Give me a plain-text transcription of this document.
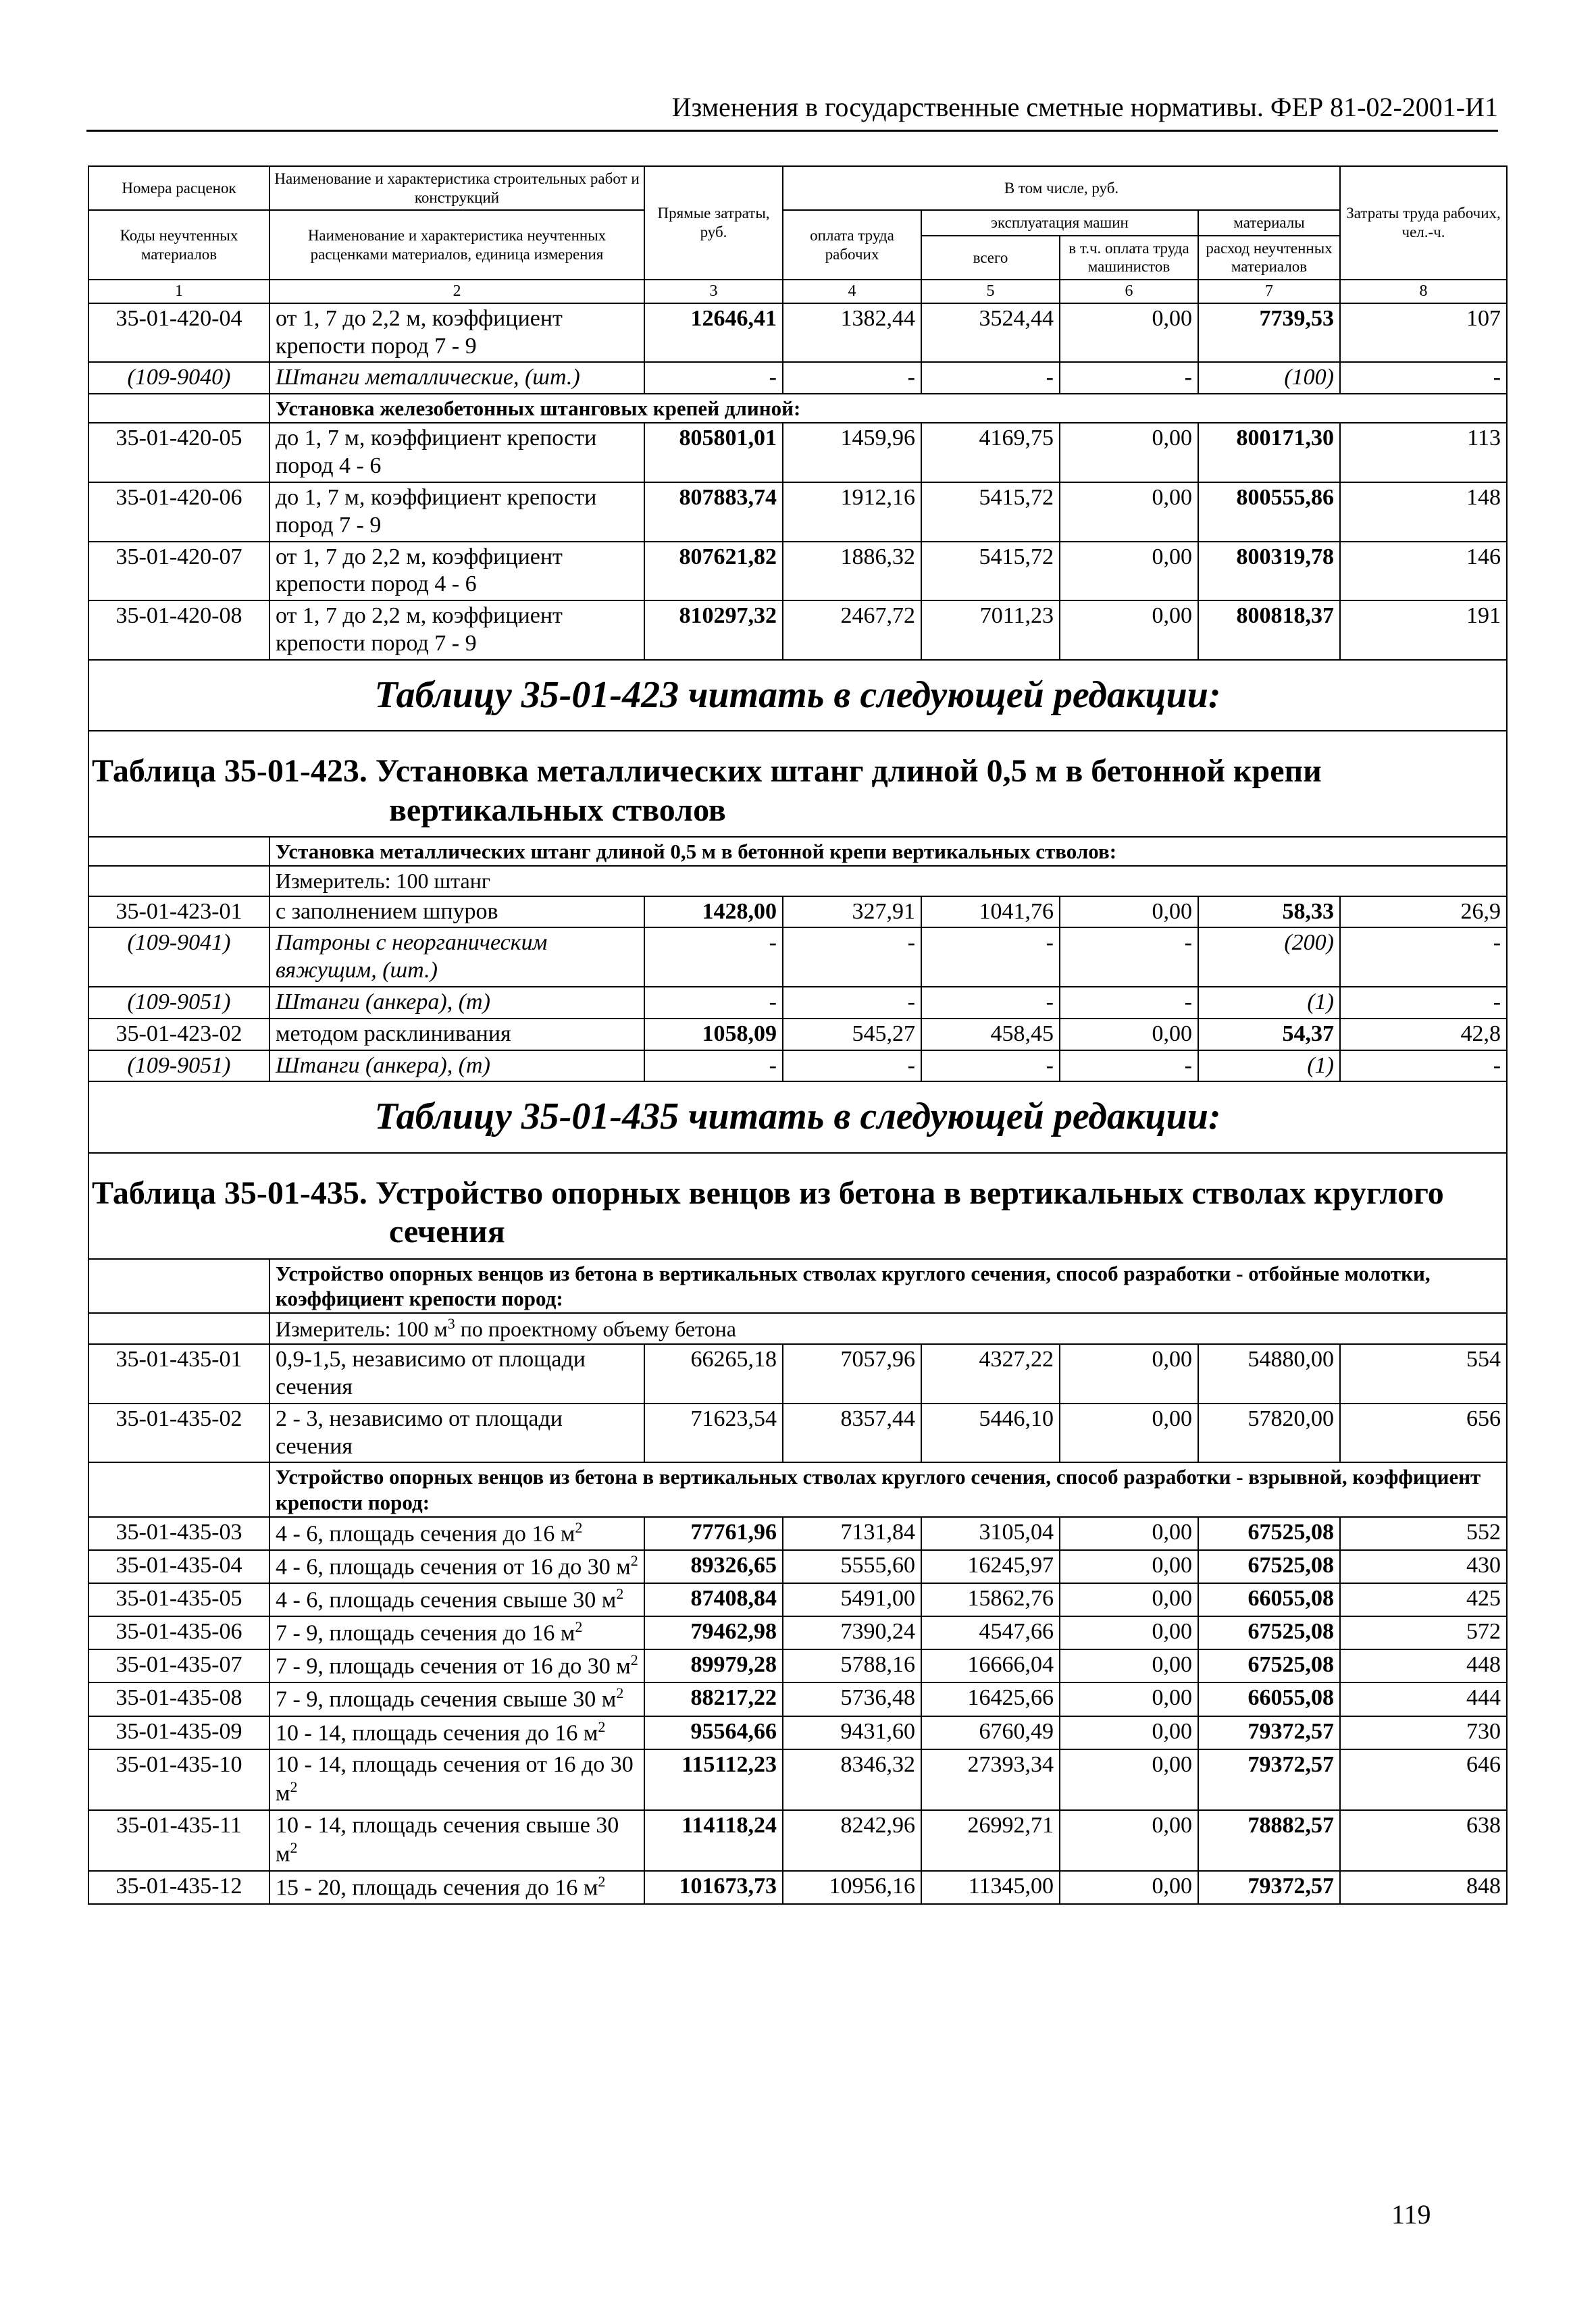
Изменения в государственные сметные нормативы. ФЕР 81-02-2001-И1
Номера расценок	Наименование и характеристика строительных работ и конструкций	Прямые затраты, руб.	В том числе, руб.				Затраты труда рабочих, чел.-ч.
Коды неучтенных материалов	Наименование и характеристика неучтенных расценками материалов, единица измерения		оплата труда рабочих	эксплуатация машин		материалы	
				всего	в т.ч. оплата труда машинистов	расход неучтенных материалов	
1	2	3	4	5	6	7	8
35-01-420-04	от 1, 7 до 2,2 м, коэффициент крепости пород 7 - 9	12646,41	1382,44	3524,44	0,00	7739,53	107
(109-9040)	Штанги металлические, (шт.)	-	-	-	-	(100)	-
	Установка железобетонных штанговых крепей длиной:						
35-01-420-05	до 1, 7 м, коэффициент крепости пород 4 - 6	805801,01	1459,96	4169,75	0,00	800171,30	113
35-01-420-06	до 1, 7 м, коэффициент крепости пород 7 - 9	807883,74	1912,16	5415,72	0,00	800555,86	148
35-01-420-07	от 1, 7 до 2,2 м, коэффициент крепости пород 4 - 6	807621,82	1886,32	5415,72	0,00	800319,78	146
35-01-420-08	от 1, 7 до 2,2 м, коэффициент крепости пород 7 - 9	810297,32	2467,72	7011,23	0,00	800818,37	191
Таблицу 35-01-423 читать в следующей редакции:							
Таблица 35-01-423. Установка металлических штанг длиной 0,5 м в бетонной крепи
вертикальных стволов							

	Установка металлических штанг длиной 0,5 м в бетонной крепи вертикальных стволов:						
	Измеритель: 100 штанг						
35-01-423-01	с заполнением шпуров	1428,00	327,91	1041,76	0,00	58,33	26,9
(109-9041)	Патроны с неорганическим вяжущим, (шт.)	-	-	-	-	(200)	-
(109-9051)	Штанги (анкера), (т)	-	-	-	-	(1)	-
35-01-423-02	методом расклинивания	1058,09	545,27	458,45	0,00	54,37	42,8
(109-9051)	Штанги (анкера), (т)	-	-	-	-	(1)	-
Таблицу 35-01-435 читать в следующей редакции:							
Таблица 35-01-435. Устройство опорных венцов из бетона в вертикальных стволах круглого
сечения							

	Устройство опорных венцов из бетона в вертикальных стволах круглого сечения, способ разработки - отбойные молотки, коэффициент крепости пород:						
	Измеритель: 100 $м^3$ по проектному объему бетона						
35-01-435-01	0,9-1,5, независимо от площади сечения	66265,18	7057,96	4327,22	0,00	54880,00	554
35-01-435-02	2 - 3, независимо от площади сечения	71623,54	8357,44	5446,10	0,00	57820,00	656
	Устройство опорных венцов из бетона в вертикальных стволах круглого сечения, способ разработки - взрывной, коэффициент крепости пород:						
35-01-435-03	4 - 6, площадь сечения до 16 $м^2$	77761,96	7131,84	3105,04	0,00	67525,08	552
35-01-435-04	4 - 6, площадь сечения от 16 до 30 $м^2$	89326,65	5555,60	16245,97	0,00	67525,08	430
35-01-435-05	4 - 6, площадь сечения свыше 30 $м^2$	87408,84	5491,00	15862,76	0,00	66055,08	425
35-01-435-06	7 - 9, площадь сечения до 16 $м^2$	79462,98	7390,24	4547,66	0,00	67525,08	572
35-01-435-07	7 - 9, площадь сечения от 16 до 30 $м^2$	89979,28	5788,16	16666,04	0,00	67525,08	448
35-01-435-08	7 - 9, площадь сечения свыше 30 $м^2$	88217,22	5736,48	16425,66	0,00	66055,08	444
35-01-435-09	10 - 14, площадь сечения до 16 $м^2$	95564,66	9431,60	6760,49	0,00	79372,57	730
35-01-435-10	10 - 14, площадь сечения от 16 до 30 $м^2$	115112,23	8346,32	27393,34	0,00	79372,57	646
35-01-435-11	10 - 14, площадь сечения свыше 30 $м^2$	114118,24	8242,96	26992,71	0,00	78882,57	638
35-01-435-12	15 - 20, площадь сечения до 16 $м^2$	101673,73	10956,16	11345,00	0,00	79372,57	848
119
